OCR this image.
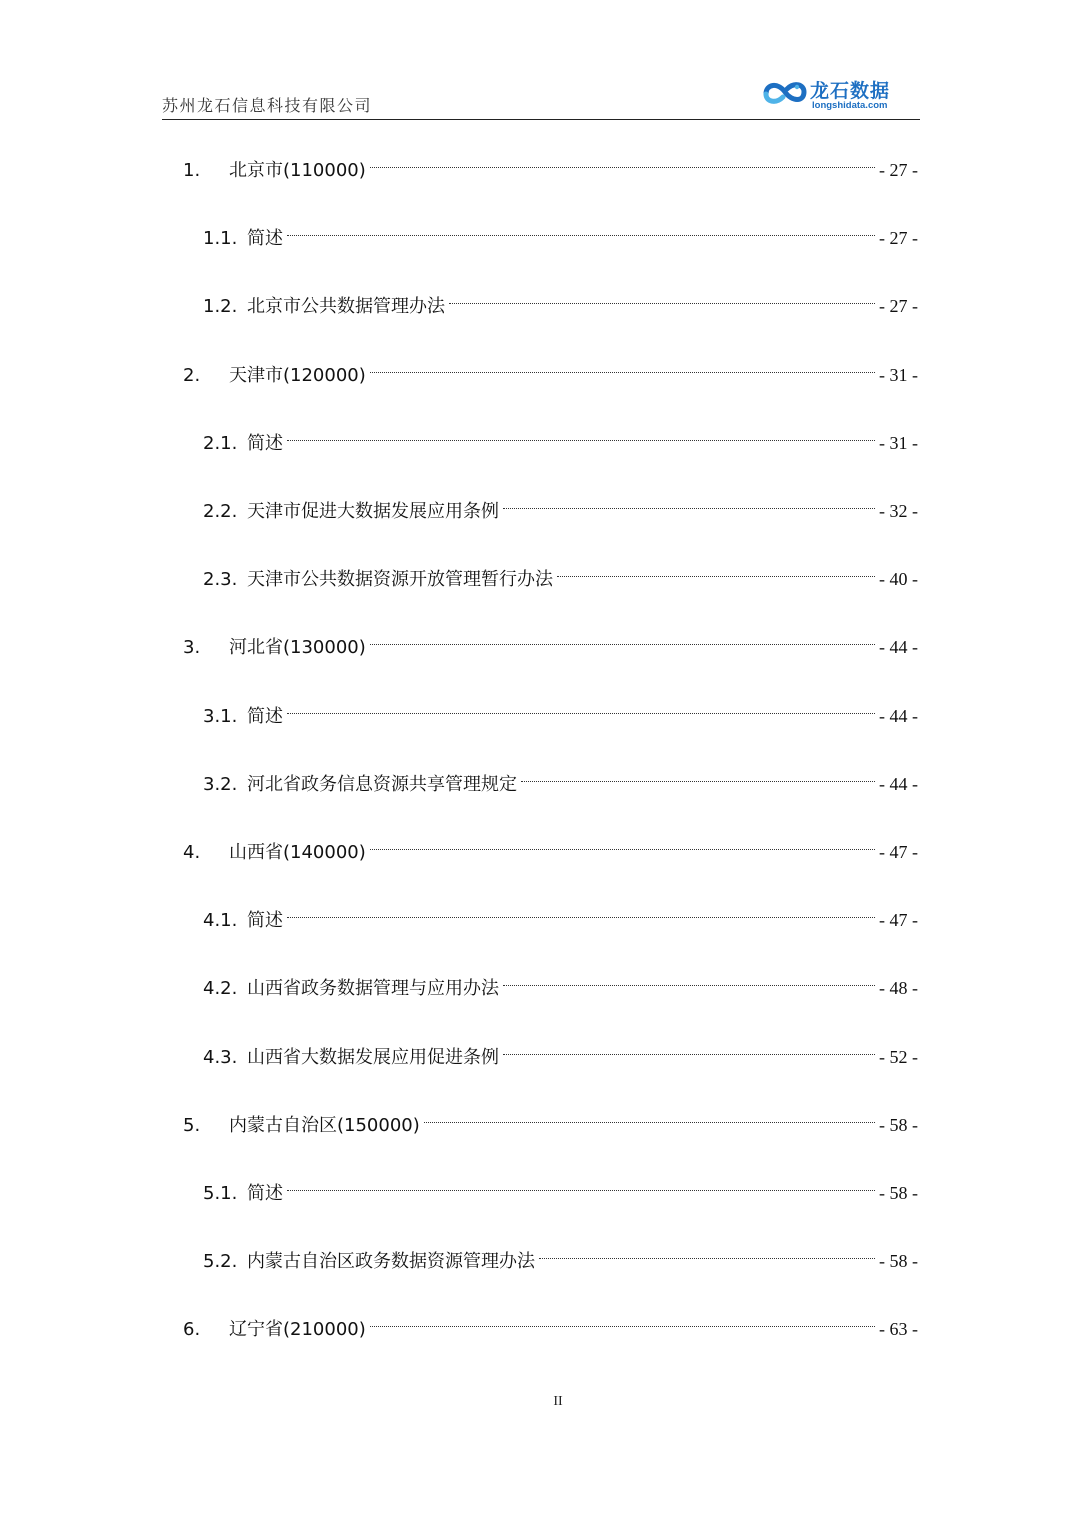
苏州龙石信息科技有限公司
龙石数据
longshidata.com
1.	北京市(110000)	- 27 -
1.1. 简述	- 27 -
1.2. 北京市公共数据管理办法	- 27 -
2.	天津市(120000)	- 31 -
2.1. 简述	- 31 -
2.2. 天津市促进大数据发展应用条例	- 32 -
2.3. 天津市公共数据资源开放管理暂行办法	- 40 -
3.	河北省(130000)	- 44 -
3.1. 简述	- 44 -
3.2. 河北省政务信息资源共享管理规定	- 44 -
4.	山西省(140000)	- 47 -
4.1. 简述	- 47 -
4.2. 山西省政务数据管理与应用办法	- 48 -
4.3. 山西省大数据发展应用促进条例	- 52 -
5.	内蒙古自治区(150000)	- 58 -
5.1. 简述	- 58 -
5.2. 内蒙古自治区政务数据资源管理办法	- 58 -
6.	辽宁省(210000)	- 63 -
II
